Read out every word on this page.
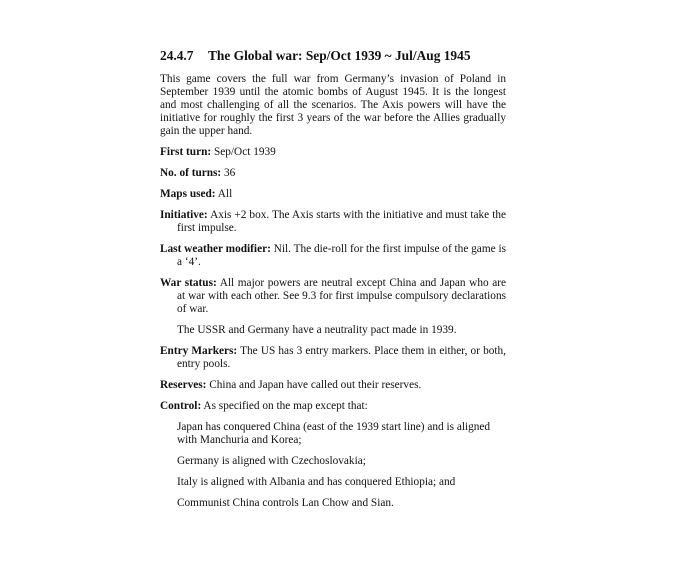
24.4.7 The Global war: Sep/Oct 1939 ~ Jul/Aug 1945

This game covers the full war from Germany’s invasion of Poland in September 1939 until the atomic bombs of August 1945. It is the longest and most challenging of all the scenarios. The Axis powers will have the initiative for roughly the first 3 years of the war before the Allies gradually gain the upper hand.

First turn: Sep/Oct 1939

No. of turns: 36

Maps used: All

Initiative: Axis +2 box. The Axis starts with the initiative and must take the first impulse.

Last weather modifier: Nil. The die-roll for the first impulse of the game is a ‘4’.

War status: All major powers are neutral except China and Japan who are at war with each other. See 9.3 for first impulse compulsory declarations of war.

The USSR and Germany have a neutrality pact made in 1939.

Entry Markers: The US has 3 entry markers. Place them in either, or both, entry pools.

Reserves: China and Japan have called out their reserves.

Control: As specified on the map except that:

Japan has conquered China (east of the 1939 start line) and is aligned with Manchuria and Korea;

Germany is aligned with Czechoslovakia;

Italy is aligned with Albania and has conquered Ethiopia; and

Communist China controls Lan Chow and Sian.
